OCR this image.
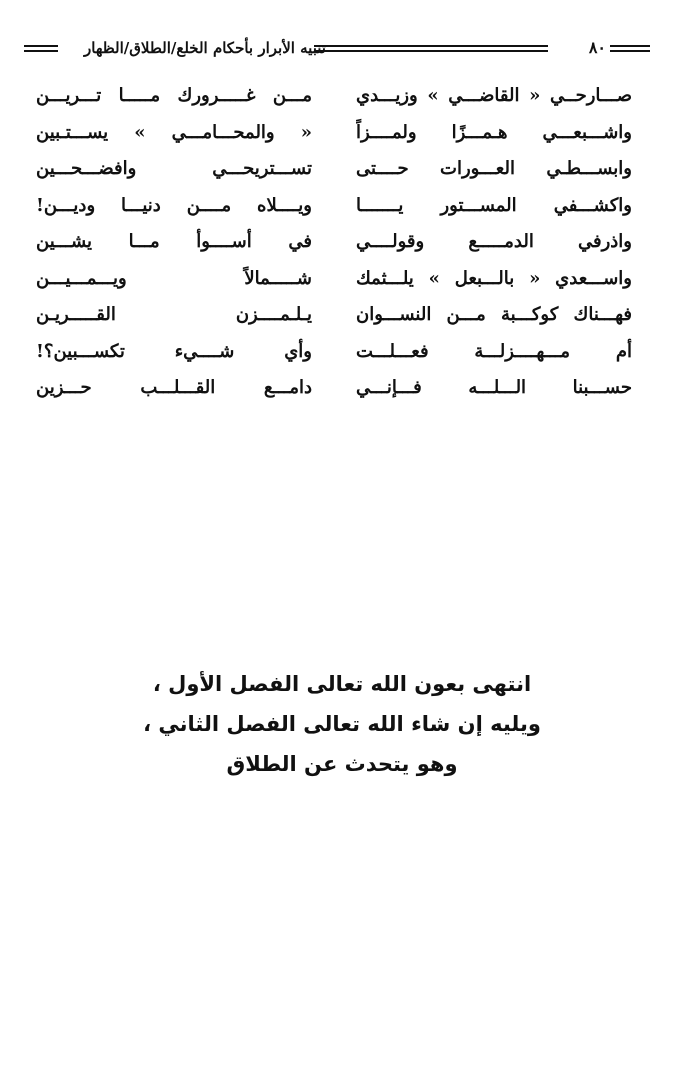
تنبيه الأبرار بأحكام الخلع/الطلاق/الظهار	٨٠
صـــارحــي « القاضـــي » وزيـــدي
مـــن غـــــرورك مـــــا تـــريـــن
واشـــبعـــي هـمـــزًا ولمــــزاً
« والمحـــامـــي » يســـتـبين
وابســـطـي العـــورات حــــتى
تســـتريحـــي وافضـــحـــين
واكشـــفي المســـتور يـــــــا
ويــــلاه مــــن دنيـــا وديـــن!
واذرفي الدمـــــع وقولــــي
في أســــوأ مـــا يشـــين
واســـعدي « بالـــبعل » يلـــثمك
شـــــمالاً ويـــمـــيـــن
فهـــناك كوكـــبة مـــن النســـوان
يـلـمــــزن القـــــريـن
أم مـــهــــزلـــة فعـــلـــت
وأي شــــيء تكســـبين؟!
حســـبنا الـــلـــه فـــإنـــي
دامـــع القـــلـــب حـــزين
انتهى بعون الله تعالى الفصل الأول ،
ويليه إن شاء الله تعالى الفصل الثاني ،
وهو يتحدث عن الطلاق
